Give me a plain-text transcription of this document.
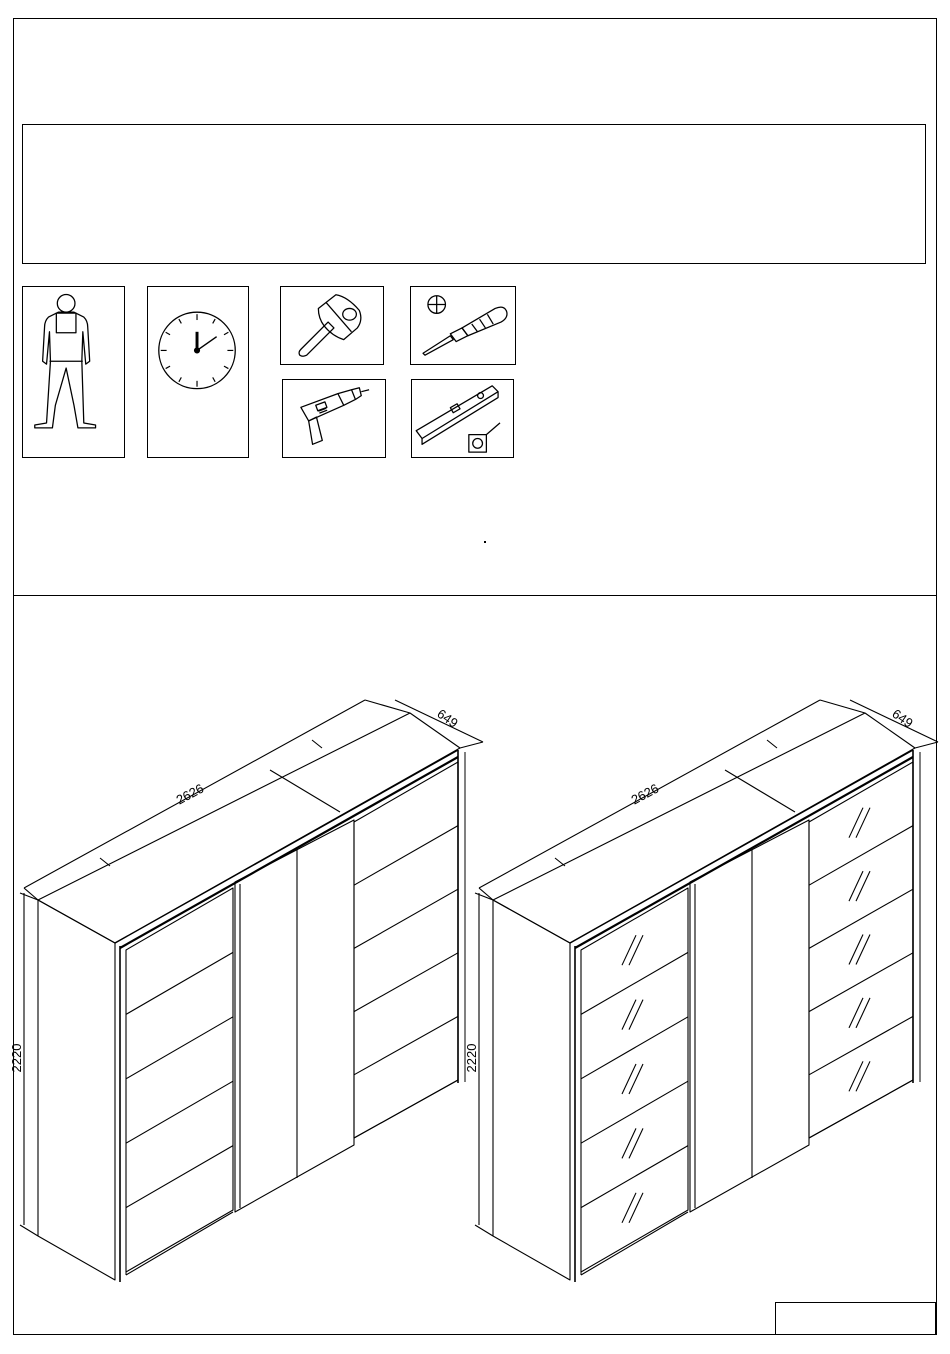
2626
649
2220
2626
649
2220
